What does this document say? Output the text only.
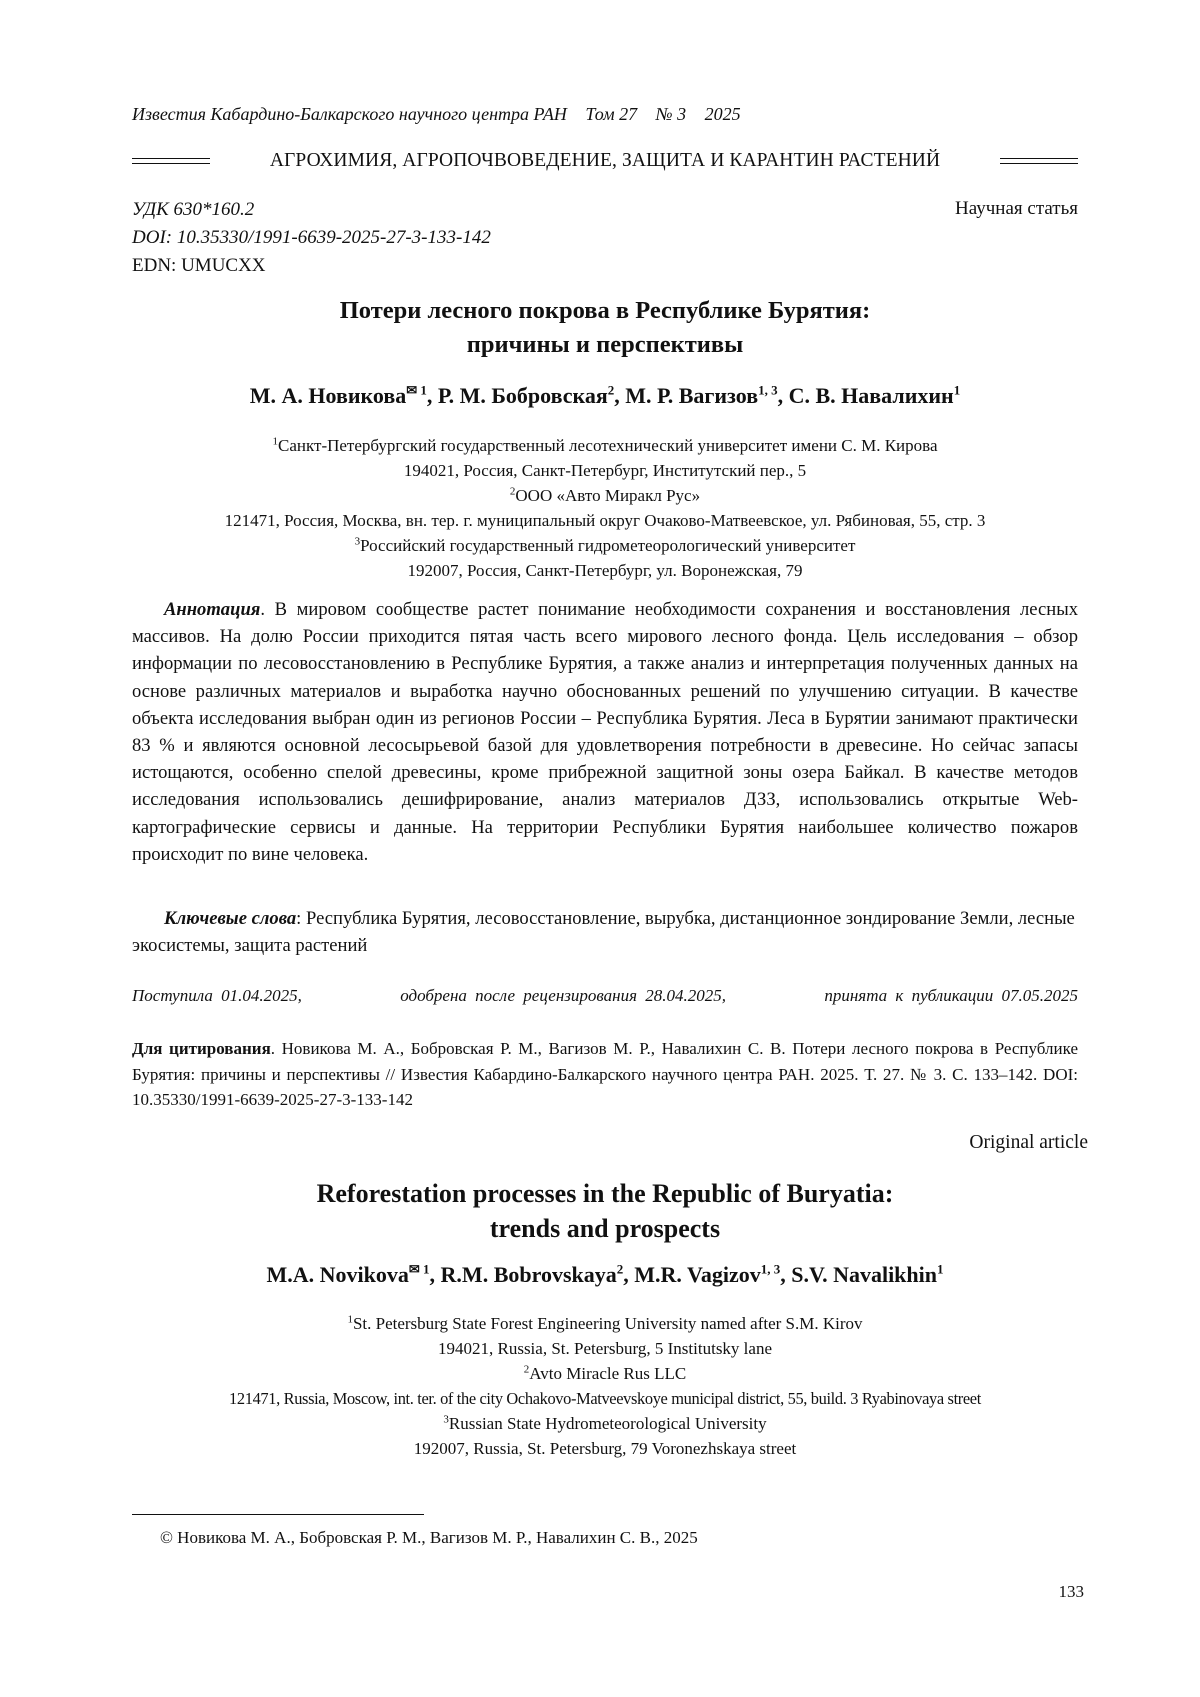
Известия Кабардино-Балкарского научного центра РАН Том 27 № 3 2025
АГРОХИМИЯ, АГРОПОЧВОВЕДЕНИЕ, ЗАЩИТА И КАРАНТИН РАСТЕНИЙ
УДК 630*160.2
DOI: 10.35330/1991-6639-2025-27-3-133-142
EDN: UMUCXX
Научная статья
Потери лесного покрова в Республике Бурятия:
причины и перспективы
М. А. Новикова✉ 1, Р. М. Бобровская2, М. Р. Вагизов1, 3, С. В. Навалихин1
1Санкт-Петербургский государственный лесотехнический университет имени С. М. Кирова
194021, Россия, Санкт-Петербург, Институтский пер., 5
2ООО «Авто Миракл Рус»
121471, Россия, Москва, вн. тер. г. муниципальный округ Очаково-Матвеевское, ул. Рябиновая, 55, стр. 3
3Российский государственный гидрометеорологический университет
192007, Россия, Санкт-Петербург, ул. Воронежская, 79
Аннотация. В мировом сообществе растет понимание необходимости сохранения и восстановления лесных массивов. На долю России приходится пятая часть всего мирового лесного фонда. Цель исследования – обзор информации по лесовосстановлению в Республике Бурятия, а также анализ и интерпретация полученных данных на основе различных материалов и выработка научно обоснованных решений по улучшению ситуации. В качестве объекта исследования выбран один из регионов России – Республика Бурятия. Леса в Бурятии занимают практически 83 % и являются основной лесосырьевой базой для удовлетворения потребности в древесине. Но сейчас запасы истощаются, особенно спелой древесины, кроме прибрежной защитной зоны озера Байкал. В качестве методов исследования использовались дешифрирование, анализ материалов ДЗЗ, использовались открытые Web-картографические сервисы и данные. На территории Республики Бурятия наибольшее количество пожаров происходит по вине человека.
Ключевые слова: Республика Бурятия, лесовосстановление, вырубка, дистанционное зондирование Земли, лесные экосистемы, защита растений
Поступила 01.04.2025,	одобрена после рецензирования 28.04.2025,	принята к публикации 07.05.2025
Для цитирования. Новикова М. А., Бобровская Р. М., Вагизов М. Р., Навалихин С. В. Потери лесного покрова в Республике Бурятия: причины и перспективы // Известия Кабардино-Балкарского научного центра РАН. 2025. Т. 27. № 3. С. 133–142. DOI: 10.35330/1991-6639-2025-27-3-133-142
Original article
Reforestation processes in the Republic of Buryatia:
trends and prospects
M.A. Novikova✉ 1, R.M. Bobrovskaya2, M.R. Vagizov1, 3, S.V. Navalikhin1
1St. Petersburg State Forest Engineering University named after S.M. Kirov
194021, Russia, St. Petersburg, 5 Institutsky lane
2Avto Miracle Rus LLC
121471, Russia, Moscow, int. ter. of the city Ochakovo-Matveevskoye municipal district, 55, build. 3 Ryabinovaya street
3Russian State Hydrometeorological University
192007, Russia, St. Petersburg, 79 Voronezhskaya street
© Новикова М. А., Бобровская Р. М., Вагизов М. Р., Навалихин С. В., 2025
133
